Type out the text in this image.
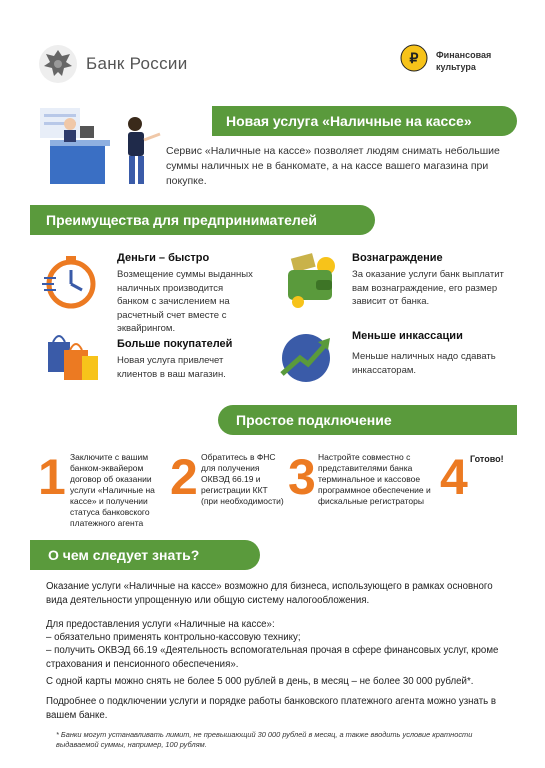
Банк России	₽ Финансовая
культура
Новая услуга «Наличные на кассе»
Сервис «Наличные на кассе» позволяет людям снимать небольшие суммы наличных не в банкомате, а на кассе вашего магазина при покупке.
Преимущества для предпринимателей
Деньги – быстро
Возмещение суммы выданных наличных производится банком с зачислением на расчетный счет вместе с эквайрингом.
Вознаграждение
За оказание услуги банк выплатит вам вознаграждение, его размер зависит от банка.
Больше покупателей
Новая услуга привлечет клиентов в ваш магазин.
Меньше инкассации
Меньше наличных надо сдавать инкассаторам.
Простое подключение
1 Заключите с вашим банком-эквайером договор об оказании услуги «Наличные на кассе» и получении статуса банковского платежного агента
2 Обратитесь в ФНС для получения ОКВЭД 66.19 и регистрации ККТ (при необходимости) 3 Настройте совместно с представителями банка терминальное и кассовое программное обеспечение и фискальные регистраторы 4 Готово!
О чем следует знать?
Оказание услуги «Наличные на кассе» возможно для бизнеса, использующего в рамках основного вида деятельности упрощенную или общую систему налогообложения.
Для предоставления услуги «Наличные на кассе»:
– обязательно применять контрольно-кассовую технику;
– получить ОКВЭД 66.19 «Деятельность вспомогательная прочая в сфере финансовых услуг, кроме страхования и пенсионного обеспечения».
С одной карты можно снять не более 5 000 рублей в день, в месяц – не более 30 000 рублей*.
Подробнее о подключении услуги и порядке работы банковского платежного агента можно узнать в вашем банке.
* Банки могут устанавливать лимит, не превышающий 30 000 рублей в месяц, а также вводить условие кратности выдаваемой суммы, например, 100 рублям.
